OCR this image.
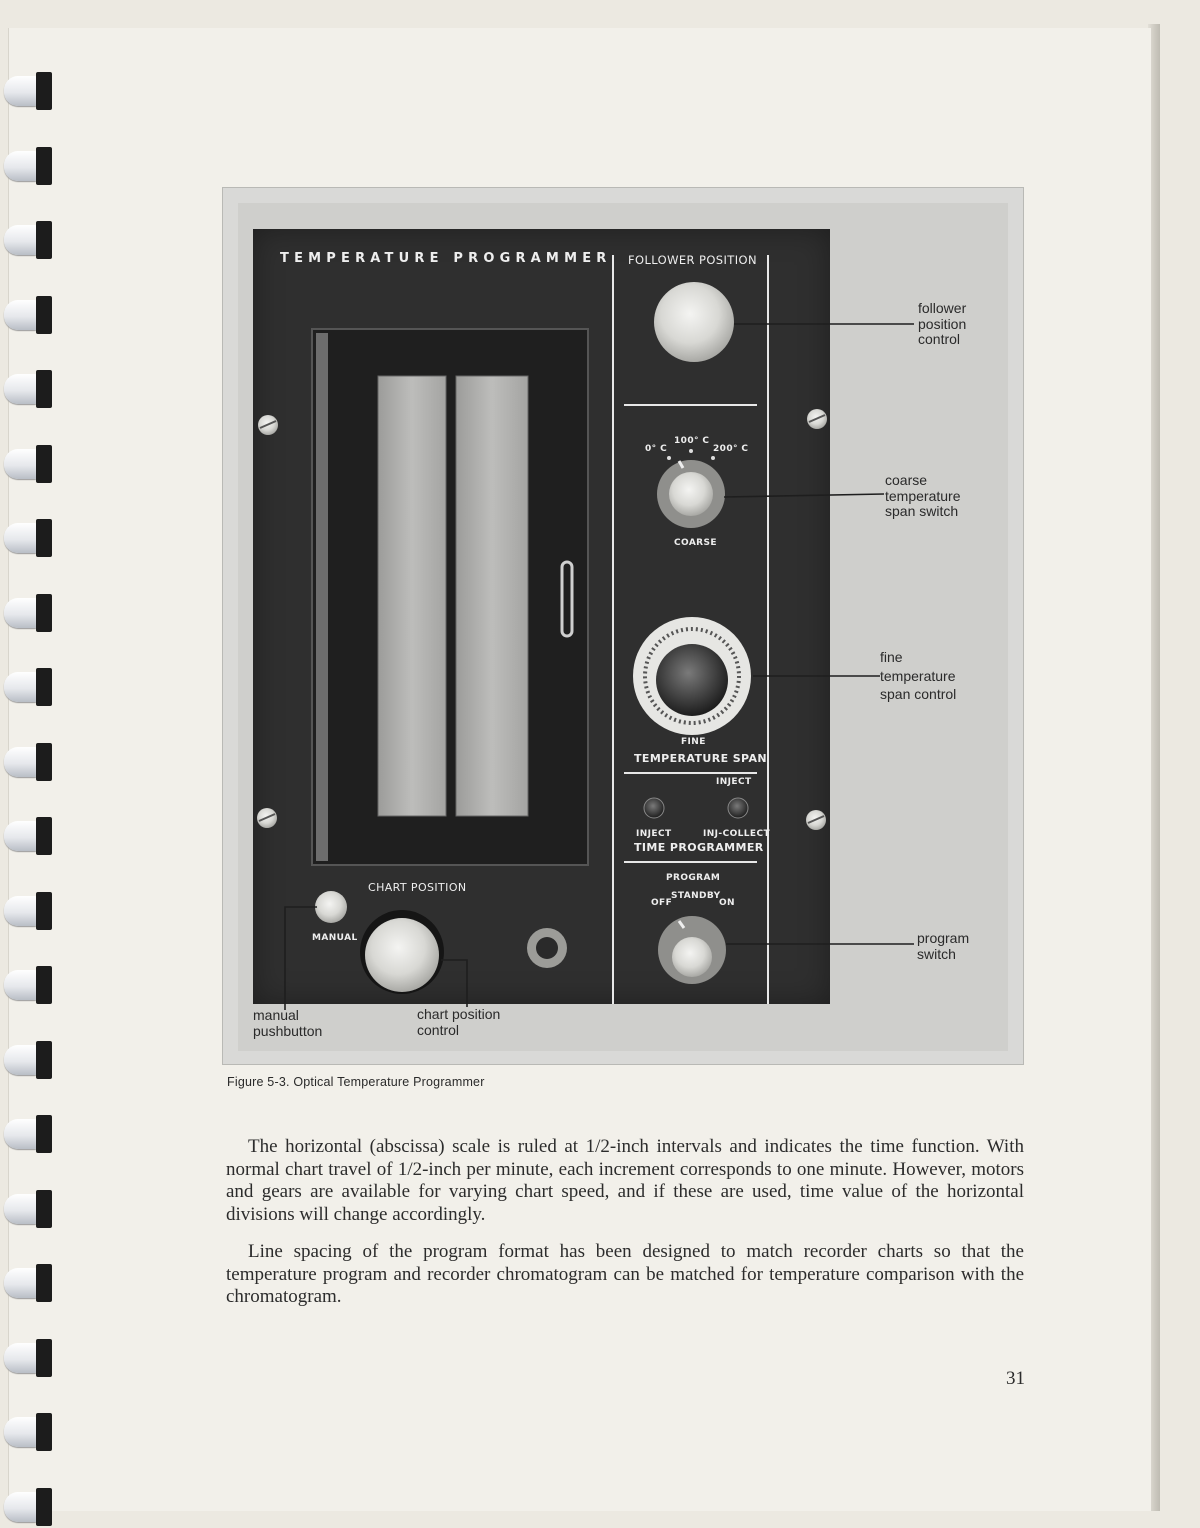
TEMPERATURE PROGRAMMER FOLLOWER POSITION
0° C
100° C
200° C
COARSE
FINE
TEMPERATURE SPAN
INJECT
INJECT	INJ-COLLECT
TIME PROGRAMMER
PROGRAM
OFF
STANDBY
ON
CHART POSITION
MANUAL
follower
position
control
coarse
temperature
span switch
fine
temperature
span control
program
switch
manual
pushbutton
chart position
control
Figure 5-3. Optical Temperature Programmer
The horizontal (abscissa) scale is ruled at 1/2-inch intervals and indicates the time function. With normal chart travel of 1/2-inch per minute, each increment corresponds to one minute. However, motors and gears are available for varying chart speed, and if these are used, time value of the horizontal divisions will change accordingly.
Line spacing of the program format has been designed to match recorder charts so that the temperature program and recorder chromatogram can be matched for temperature comparison with the chromatogram.
31
